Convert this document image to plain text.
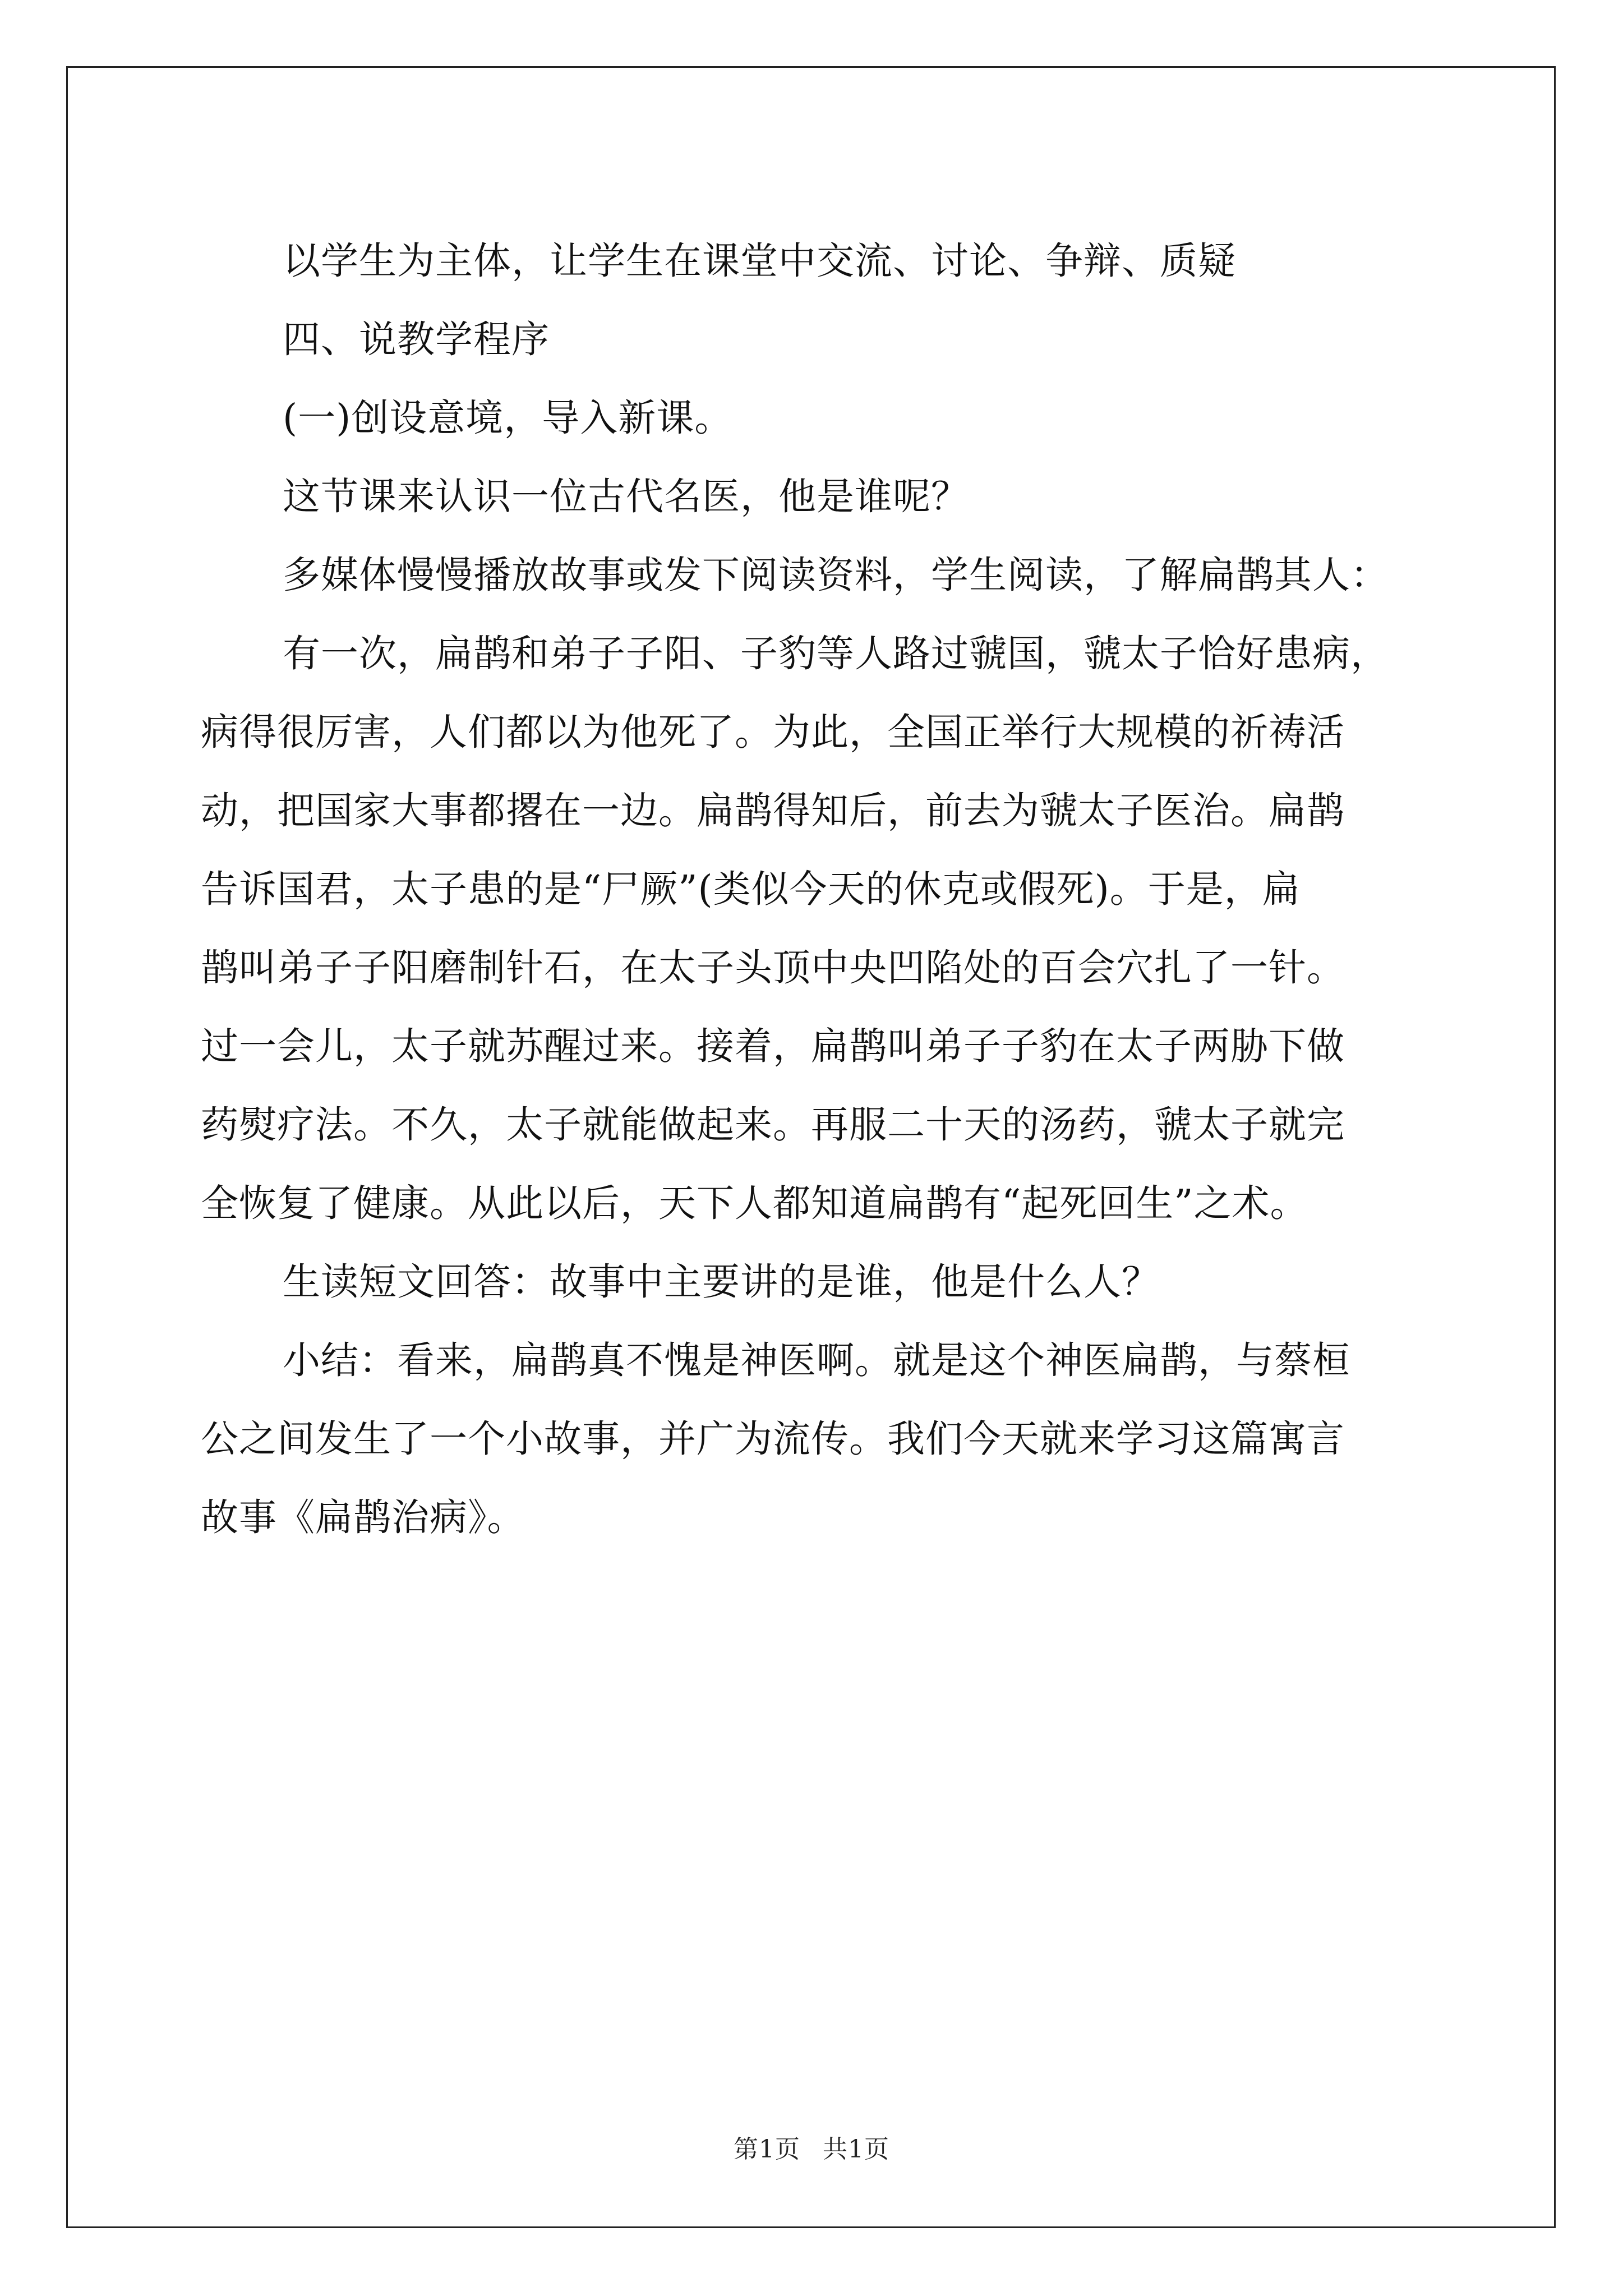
以学生为主体，让学生在课堂中交流、讨论、争辩、质疑

四、说教学程序

(一)创设意境，导入新课。

这节课来认识一位古代名医，他是谁呢？

多媒体慢慢播放故事或发下阅读资料，学生阅读，了解扁鹊其人：

有一次，扁鹊和弟子子阳、子豹等人路过虢国，虢太子恰好患病，
病得很厉害，人们都以为他死了。为此，全国正举行大规模的祈祷活
动，把国家大事都撂在一边。扁鹊得知后，前去为虢太子医治。扁鹊
告诉国君，太子患的是“尸厥”(类似今天的休克或假死)。于是，扁
鹊叫弟子子阳磨制针石，在太子头顶中央凹陷处的百会穴扎了一针。
过一会儿，太子就苏醒过来。接着，扁鹊叫弟子子豹在太子两胁下做
药熨疗法。不久，太子就能做起来。再服二十天的汤药，虢太子就完
全恢复了健康。从此以后，天下人都知道扁鹊有“起死回生”之术。

生读短文回答：故事中主要讲的是谁，他是什么人？

小结：看来，扁鹊真不愧是神医啊。就是这个神医扁鹊，与蔡桓
公之间发生了一个小故事，并广为流传。我们今天就来学习这篇寓言
故事《扁鹊治病》。

第1页 共1页
